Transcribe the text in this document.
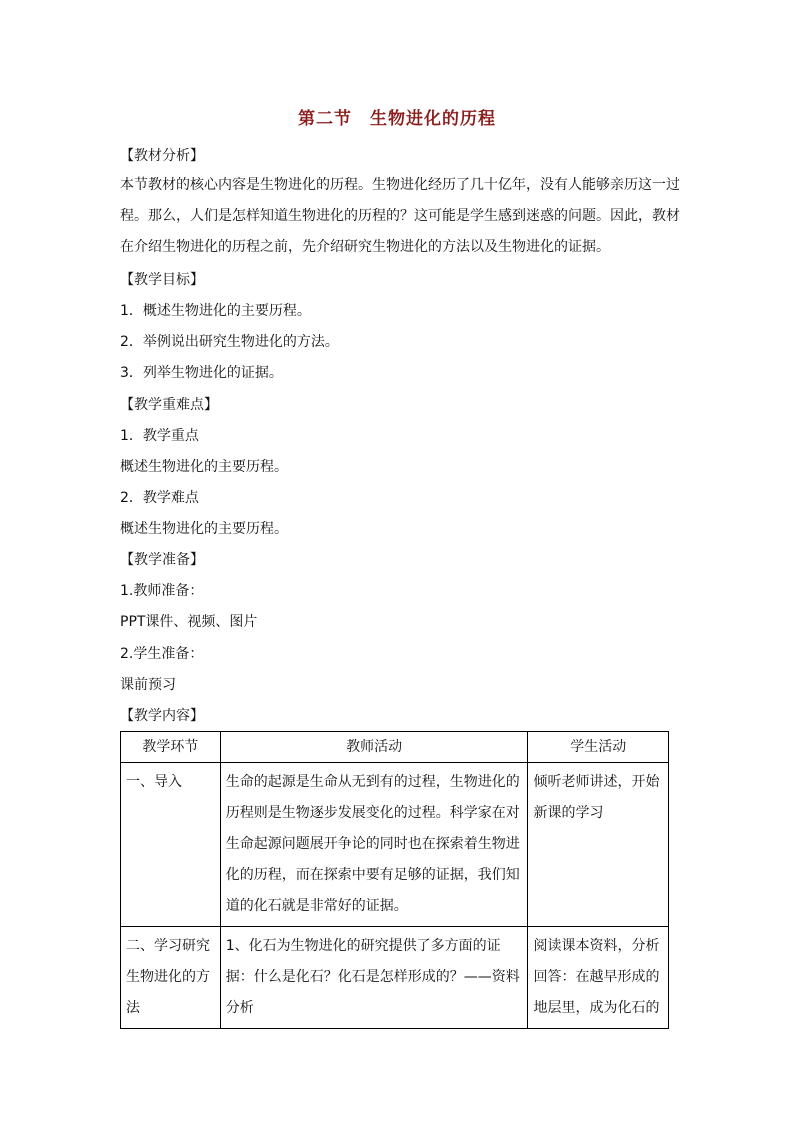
第二节　生物进化的历程
【教材分析】
本节教材的核心内容是生物进化的历程。生物进化经历了几十亿年，没有人能够亲历这一过程。那么，人们是怎样知道生物进化的历程的？这可能是学生感到迷惑的问题。因此，教材在介绍生物进化的历程之前，先介绍研究生物进化的方法以及生物进化的证据。
【教学目标】
1．概述生物进化的主要历程。
2．举例说出研究生物进化的方法。
3．列举生物进化的证据。
【教学重难点】
1．教学重点
概述生物进化的主要历程。
2．教学难点
概述生物进化的主要历程。
【教学准备】
1.教师准备：
PPT课件、视频、图片
2.学生准备：
课前预习
【教学内容】
教学环节	教师活动	学生活动
一、导入	生命的起源是生命从无到有的过程，生物进化的历程则是生物逐步发展变化的过程。科学家在对生命起源问题展开争论的同时也在探索着生物进化的历程，而在探索中要有足够的证据，我们知道的化石就是非常好的证据。	倾听老师讲述，开始新课的学习
二、学习研究生物进化的方法	1、化石为生物进化的研究提供了多方面的证据：什么是化石？化石是怎样形成的？——资料分析	阅读课本资料，分析回答：在越早形成的地层里，成为化石的
